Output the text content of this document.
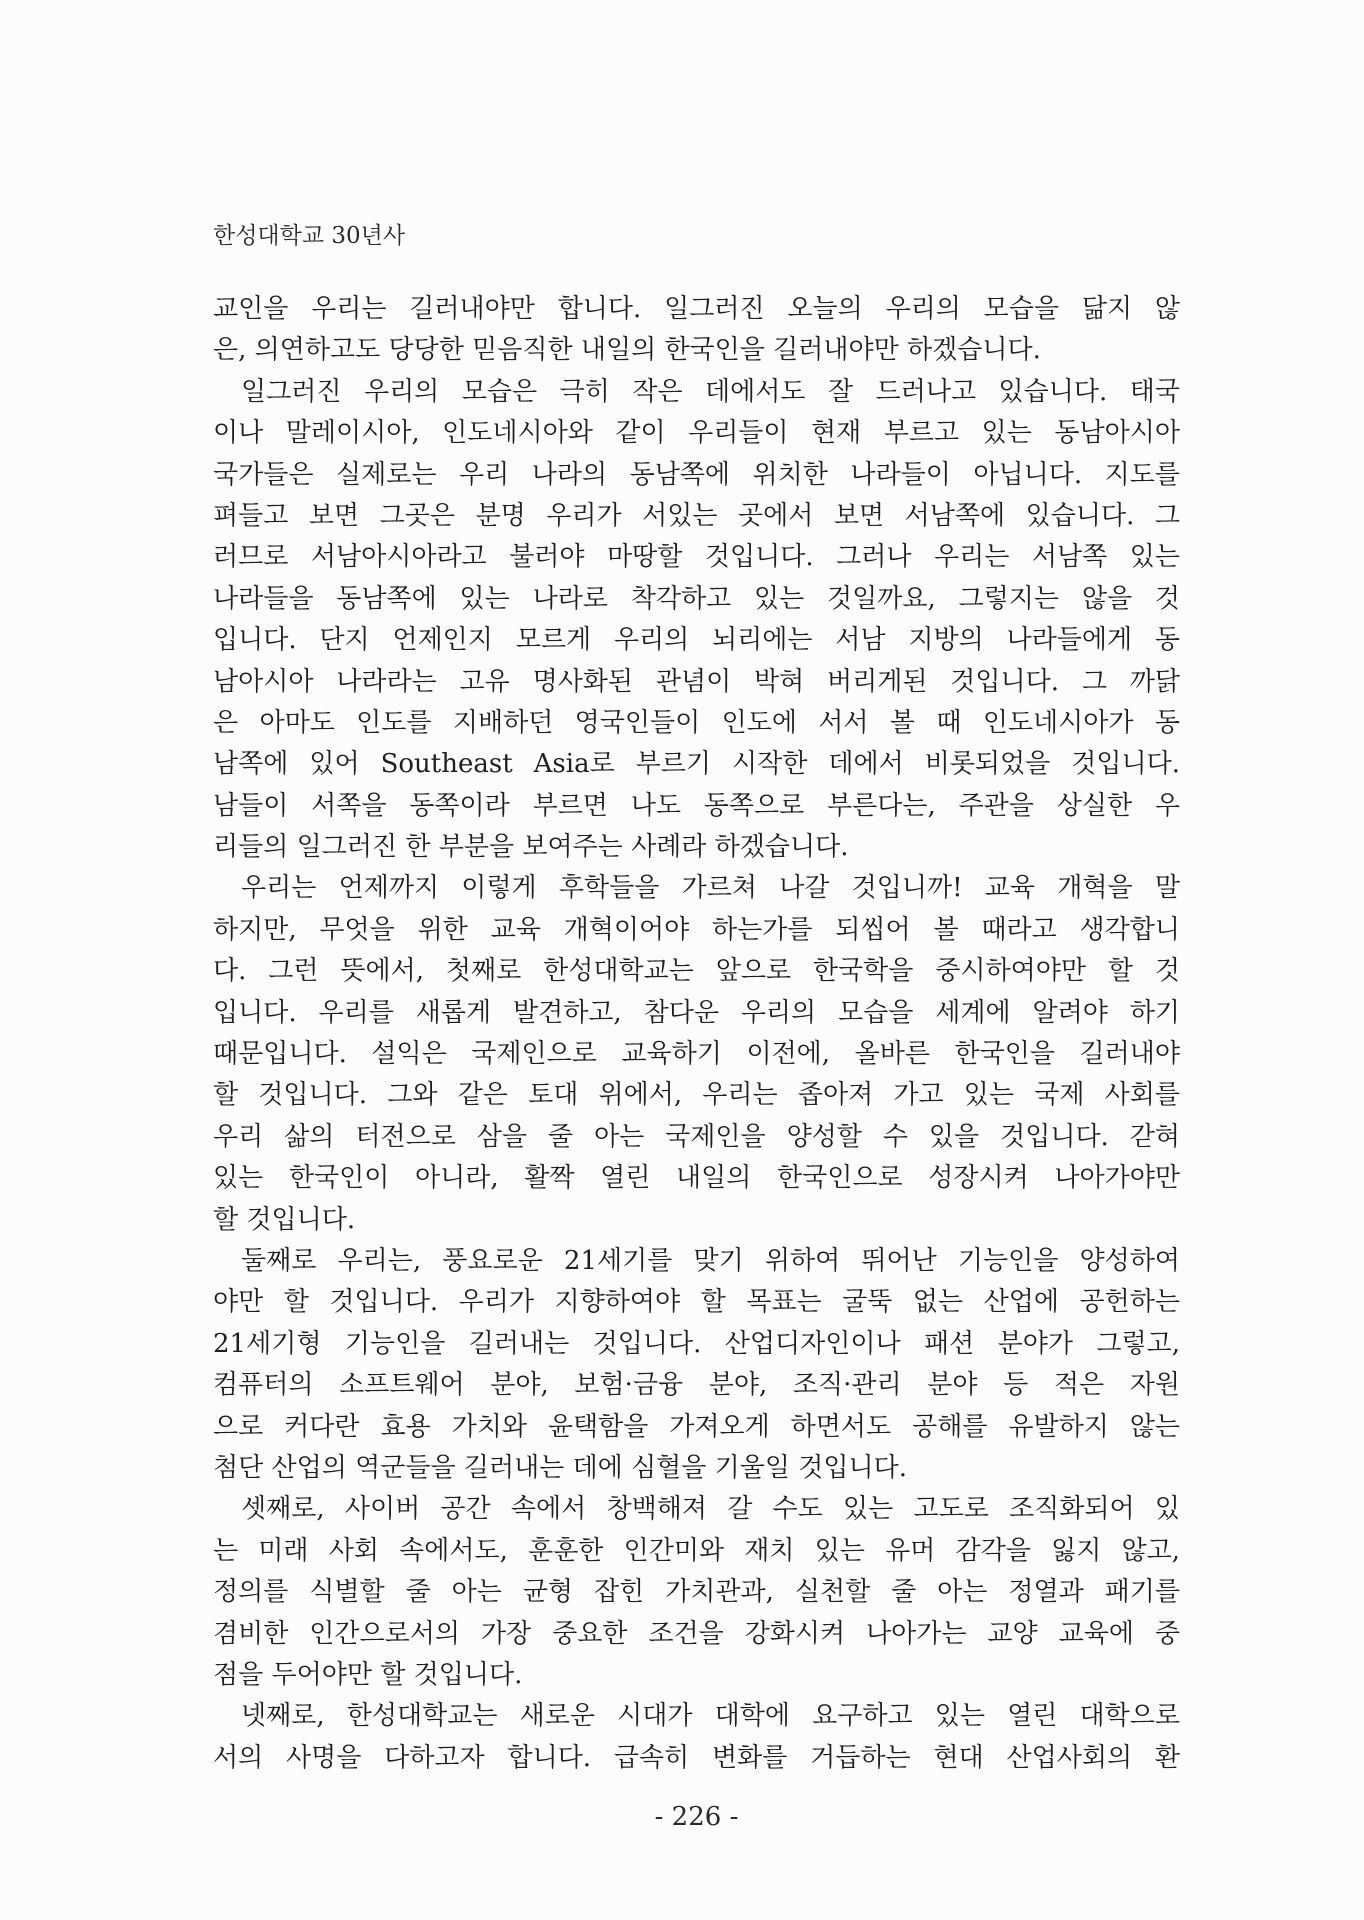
한성대학교 30년사
교인을 우리는 길러내야만 합니다. 일그러진 오늘의 우리의 모습을 닮지 않
은, 의연하고도 당당한 믿음직한 내일의 한국인을 길러내야만 하겠습니다.
일그러진 우리의 모습은 극히 작은 데에서도 잘 드러나고 있습니다. 태국
이나 말레이시아, 인도네시아와 같이 우리들이 현재 부르고 있는 동남아시아
국가들은 실제로는 우리 나라의 동남쪽에 위치한 나라들이 아닙니다. 지도를
펴들고 보면 그곳은 분명 우리가 서있는 곳에서 보면 서남쪽에 있습니다. 그
러므로 서남아시아라고 불러야 마땅할 것입니다. 그러나 우리는 서남쪽 있는
나라들을 동남쪽에 있는 나라로 착각하고 있는 것일까요, 그렇지는 않을 것
입니다. 단지 언제인지 모르게 우리의 뇌리에는 서남 지방의 나라들에게 동
남아시아 나라라는 고유 명사화된 관념이 박혀 버리게된 것입니다. 그 까닭
은 아마도 인도를 지배하던 영국인들이 인도에 서서 볼 때 인도네시아가 동
남쪽에 있어 Southeast Asia로 부르기 시작한 데에서 비롯되었을 것입니다.
남들이 서쪽을 동쪽이라 부르면 나도 동쪽으로 부른다는, 주관을 상실한 우
리들의 일그러진 한 부분을 보여주는 사례라 하겠습니다.
우리는 언제까지 이렇게 후학들을 가르쳐 나갈 것입니까! 교육 개혁을 말
하지만, 무엇을 위한 교육 개혁이어야 하는가를 되씹어 볼 때라고 생각합니
다. 그런 뜻에서, 첫째로 한성대학교는 앞으로 한국학을 중시하여야만 할 것
입니다. 우리를 새롭게 발견하고, 참다운 우리의 모습을 세계에 알려야 하기
때문입니다. 설익은 국제인으로 교육하기 이전에, 올바른 한국인을 길러내야
할 것입니다. 그와 같은 토대 위에서, 우리는 좁아져 가고 있는 국제 사회를
우리 삶의 터전으로 삼을 줄 아는 국제인을 양성할 수 있을 것입니다. 갇혀
있는 한국인이 아니라, 활짝 열린 내일의 한국인으로 성장시켜 나아가야만
할 것입니다.
둘째로 우리는, 풍요로운 21세기를 맞기 위하여 뛰어난 기능인을 양성하여
야만 할 것입니다. 우리가 지향하여야 할 목표는 굴뚝 없는 산업에 공헌하는
21세기형 기능인을 길러내는 것입니다. 산업디자인이나 패션 분야가 그렇고,
컴퓨터의 소프트웨어 분야, 보험·금융 분야, 조직·관리 분야 등 적은 자원
으로 커다란 효용 가치와 윤택함을 가져오게 하면서도 공해를 유발하지 않는
첨단 산업의 역군들을 길러내는 데에 심혈을 기울일 것입니다.
셋째로, 사이버 공간 속에서 창백해져 갈 수도 있는 고도로 조직화되어 있
는 미래 사회 속에서도, 훈훈한 인간미와 재치 있는 유머 감각을 잃지 않고,
정의를 식별할 줄 아는 균형 잡힌 가치관과, 실천할 줄 아는 정열과 패기를
겸비한 인간으로서의 가장 중요한 조건을 강화시켜 나아가는 교양 교육에 중
점을 두어야만 할 것입니다.
넷째로, 한성대학교는 새로운 시대가 대학에 요구하고 있는 열린 대학으로
서의 사명을 다하고자 합니다. 급속히 변화를 거듭하는 현대 산업사회의 환
- 226 -
